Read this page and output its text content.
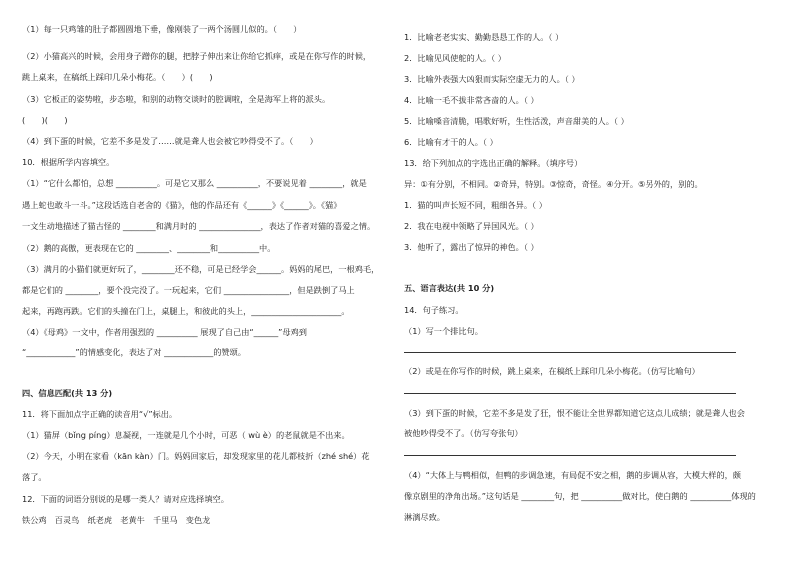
（1）每一只鸡雏的肚子都圆圆地下垂，像刚装了一两个汤圆儿似的。（　　）
（2）小猫高兴的时候，会用身子蹭你的腿，把脖子伸出来让你给它抓痒，或是在你写作的时候，
跳上桌来，在稿纸上踩印几朵小梅花。（　　）(　　)
（3）它板正的姿势啦，步态啦，和别的动物交谈时的腔调啦，全是海军上将的派头。
(　　)(　　)
（4）到下蛋的时候，它差不多是发了……就是聋人也会被它吵得受不了。（　　）
10．根据所学内容填空。
（1）“它什么都怕，总想 __________。可是它又那么 __________，不要说见着 ________，就是
遇上蛇也敢斗一斗。”这段话选自老舍的《猫》，他的作品还有《______》《______》。《猫》
一文生动地描述了猫古怪的 ________和满月时的 _______________，表达了作者对猫的喜爱之情。
（2）鹅的高傲，更表现在它的 ________、________和__________中。
（3）满月的小猫们就更好玩了，________还不稳，可是已经学会______。妈妈的尾巴，一根鸡毛，
都是它们的 ________，要个没完没了。一玩起来，它们 ________________，但是跌倒了马上
起来，再跑再跌。它们的头撞在门上，桌腿上，和彼此的头上，______________________。
（4）《母鸡》一文中，作者用强烈的 __________ 展现了自己由“______”母鸡到
“____________”的情感变化，表达了对 ____________的赞颂。
四、信息匹配(共 13 分)
11．将下面加点字正确的读音用“√”标出。
（1）猫屏（bǐng píng）息凝视，一连就是几个小时，可恶（ wù è）的老鼠就是不出来。
（2）今天，小明在家看（kān kàn）门。妈妈回家后，却发现家里的花儿都枝折（zhé shé）花
落了。
12．下面的词语分别说的是哪一类人？请对应选择填空。
铁公鸡　百灵鸟　纸老虎　老黄牛　千里马　变色龙
1．比喻老老实实、勤勤恳恳工作的人。（ ）
2．比喻见风使舵的人。（ ）
3．比喻外表强大凶狠而实际空虚无力的人。（ ）
4．比喻一毛不拔非常吝啬的人。（ ）
5．比喻嗓音清脆，唱歌好听，生性活泼，声音甜美的人。（ ）
6．比喻有才干的人。（ ）
13．给下列加点的字选出正确的解释。（填序号）
异：①有分别，不相同。②奇异，特别。③惊奇，奇怪。④分开。⑤另外的，别的。
1．猫的叫声长短不同，粗细各异。（ ）
2．我在电视中领略了异国风光。（ ）
3．他听了，露出了惊异的神色。（ ）
五、语言表达(共 10 分)
14．句子练习。
（1）写一个排比句。
（2）或是在你写作的时候，跳上桌来，在稿纸上踩印几朵小梅花。（仿写比喻句）
（3）到下蛋的时候，它差不多是发了狂，恨不能让全世界都知道它这点儿成绩；就是聋人也会
被他吵得受不了。（仿写夸张句）
（4）“大体上与鸭相似，但鸭的步调急速，有局促不安之相，鹅的步调从容，大模大样的，颇
像京剧里的净角出场。”这句话是 ________句，把 __________做对比，使白鹅的 __________体现的
淋漓尽致。
